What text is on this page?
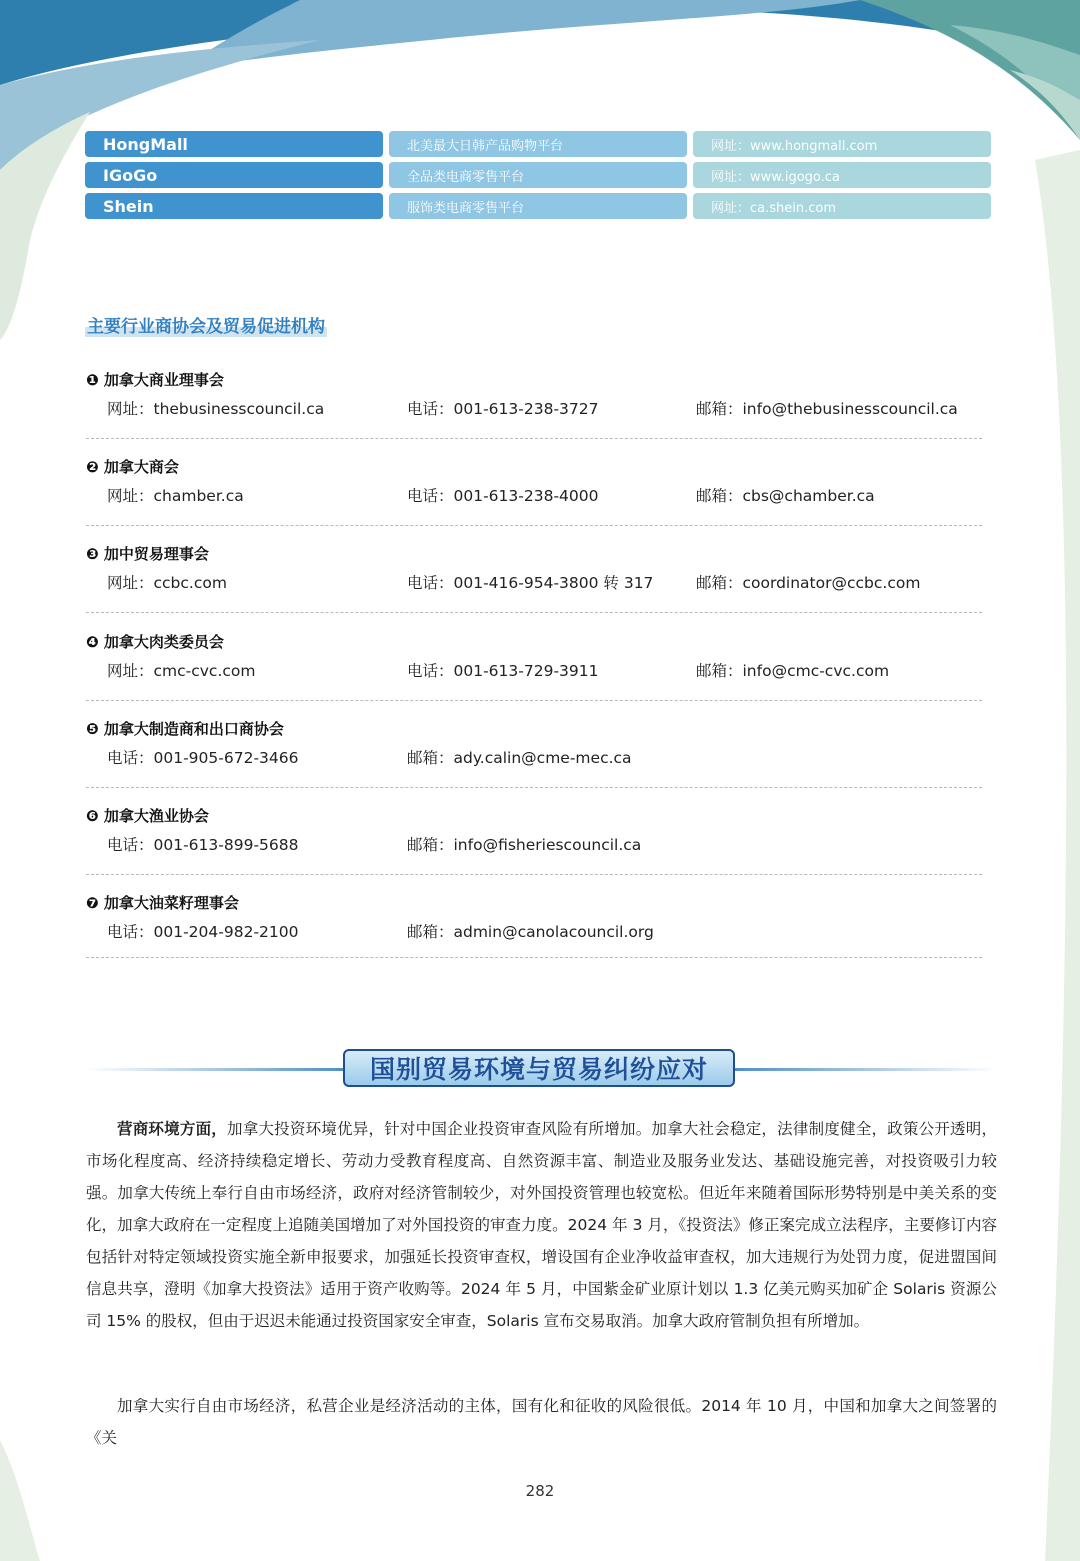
HongMall	北美最大日韩产品购物平台	网址：www.hongmall.com
IGoGo	全品类电商零售平台	网址：www.igogo.ca
Shein	服饰类电商零售平台	网址：ca.shein.com
主要行业商协会及贸易促进机构
❶ 加拿大商业理事会
网址：thebusinesscouncil.ca	电话：001-613-238-3727	邮箱：info@thebusinesscouncil.ca
❷ 加拿大商会
网址：chamber.ca	电话：001-613-238-4000	邮箱：cbs@chamber.ca
❸ 加中贸易理事会
网址：ccbc.com	电话：001-416-954-3800 转 317	邮箱：coordinator@ccbc.com
❹ 加拿大肉类委员会
网址：cmc-cvc.com	电话：001-613-729-3911	邮箱：info@cmc-cvc.com
❺ 加拿大制造商和出口商协会
电话：001-905-672-3466	邮箱：ady.calin@cme-mec.ca
❻ 加拿大渔业协会
电话：001-613-899-5688	邮箱：info@fisheriescouncil.ca
❼ 加拿大油菜籽理事会
电话：001-204-982-2100	邮箱：admin@canolacouncil.org
国别贸易环境与贸易纠纷应对

营商环境方面，加拿大投资环境优异，针对中国企业投资审查风险有所增加。加拿大社会稳定，法律制度健全，政策公开透明，市场化程度高、经济持续稳定增长、劳动力受教育程度高、自然资源丰富、制造业及服务业发达、基础设施完善，对投资吸引力较强。加拿大传统上奉行自由市场经济，政府对经济管制较少，对外国投资管理也较宽松。但近年来随着国际形势特别是中美关系的变化，加拿大政府在一定程度上追随美国增加了对外国投资的审查力度。2024 年 3 月，《投资法》修正案完成立法程序，主要修订内容包括针对特定领域投资实施全新申报要求，加强延长投资审查权，增设国有企业净收益审查权，加大违规行为处罚力度，促进盟国间信息共享，澄明《加拿大投资法》适用于资产收购等。2024 年 5 月，中国紫金矿业原计划以 1.3 亿美元购买加矿企 Solaris 资源公司 15% 的股权，但由于迟迟未能通过投资国家安全审查，Solaris 宣布交易取消。加拿大政府管制负担有所增加。

加拿大实行自由市场经济，私营企业是经济活动的主体，国有化和征收的风险很低。2014 年 10 月，中国和加拿大之间签署的《关

282
